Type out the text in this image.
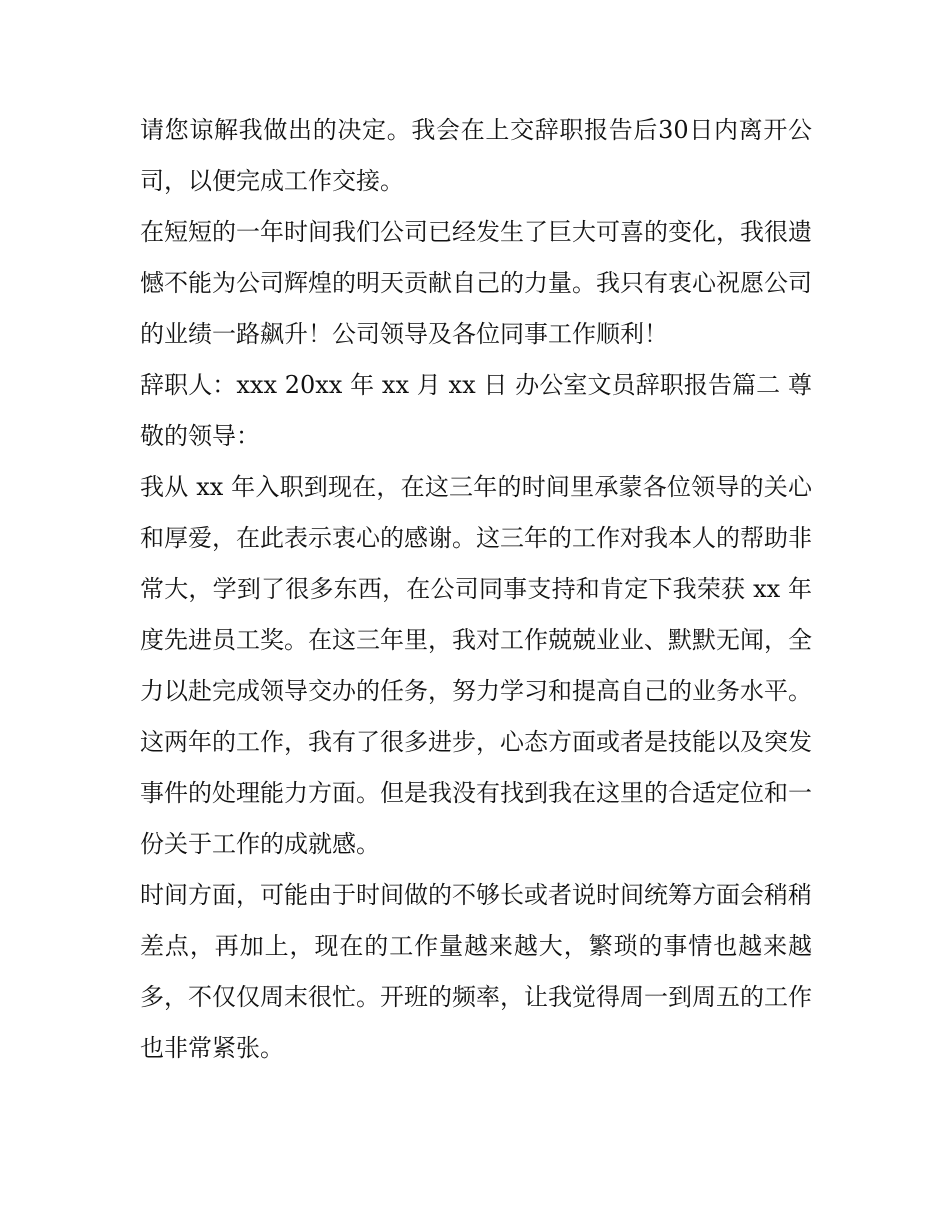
请您谅解我做出的决定。我会在上交辞职报告后30日内离开公司，以便完成工作交接。

在短短的一年时间我们公司已经发生了巨大可喜的变化，我很遗憾不能为公司辉煌的明天贡献自己的力量。我只有衷心祝愿公司的业绩一路飙升！公司领导及各位同事工作顺利！

辞职人：xxx 20xx 年 xx 月 xx 日 办公室文员辞职报告篇二 尊敬的领导：

我从 xx 年入职到现在，在这三年的时间里承蒙各位领导的关心和厚爱，在此表示衷心的感谢。这三年的工作对我本人的帮助非常大，学到了很多东西，在公司同事支持和肯定下我荣获 xx 年度先进员工奖。在这三年里，我对工作兢兢业业、默默无闻，全力以赴完成领导交办的任务，努力学习和提高自己的业务水平。

这两年的工作，我有了很多进步，心态方面或者是技能以及突发事件的处理能力方面。但是我没有找到我在这里的合适定位和一份关于工作的成就感。

时间方面，可能由于时间做的不够长或者说时间统筹方面会稍稍差点，再加上，现在的工作量越来越大，繁琐的事情也越来越多，不仅仅周末很忙。开班的频率，让我觉得周一到周五的工作也非常紧张。
